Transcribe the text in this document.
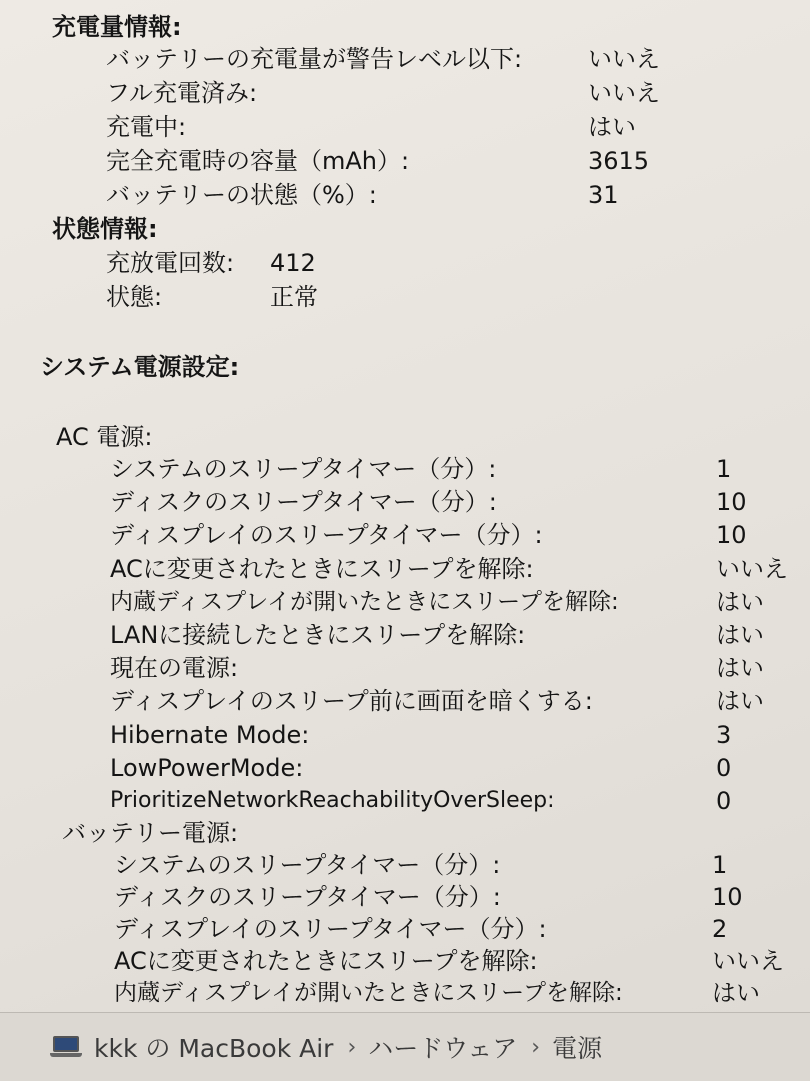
充電量情報:
バッテリーの充電量が警告レベル以下:	いいえ
フル充電済み:	いいえ
充電中:	はい
完全充電時の容量（mAh）:	3615
バッテリーの状態（%）:	31
状態情報:
充放電回数: 412
状態:	正常
システム電源設定:
AC 電源:
システムのスリープタイマー（分）:	1
ディスクのスリープタイマー（分）:	10
ディスプレイのスリープタイマー（分）:	10
ACに変更されたときにスリープを解除:	いいえ
内蔵ディスプレイが開いたときにスリープを解除:	はい
LANに接続したときにスリープを解除:	はい
現在の電源:	はい
ディスプレイのスリープ前に画面を暗くする:	はい
Hibernate Mode:	3
LowPowerMode:	0
PrioritizeNetworkReachabilityOverSleep:	0
バッテリー電源:
システムのスリープタイマー（分）:	1
ディスクのスリープタイマー（分）:	10
ディスプレイのスリープタイマー（分）:	2
ACに変更されたときにスリープを解除:	いいえ
内蔵ディスプレイが開いたときにスリープを解除:	はい
kkk の MacBook Air › ハードウェア › 電源
